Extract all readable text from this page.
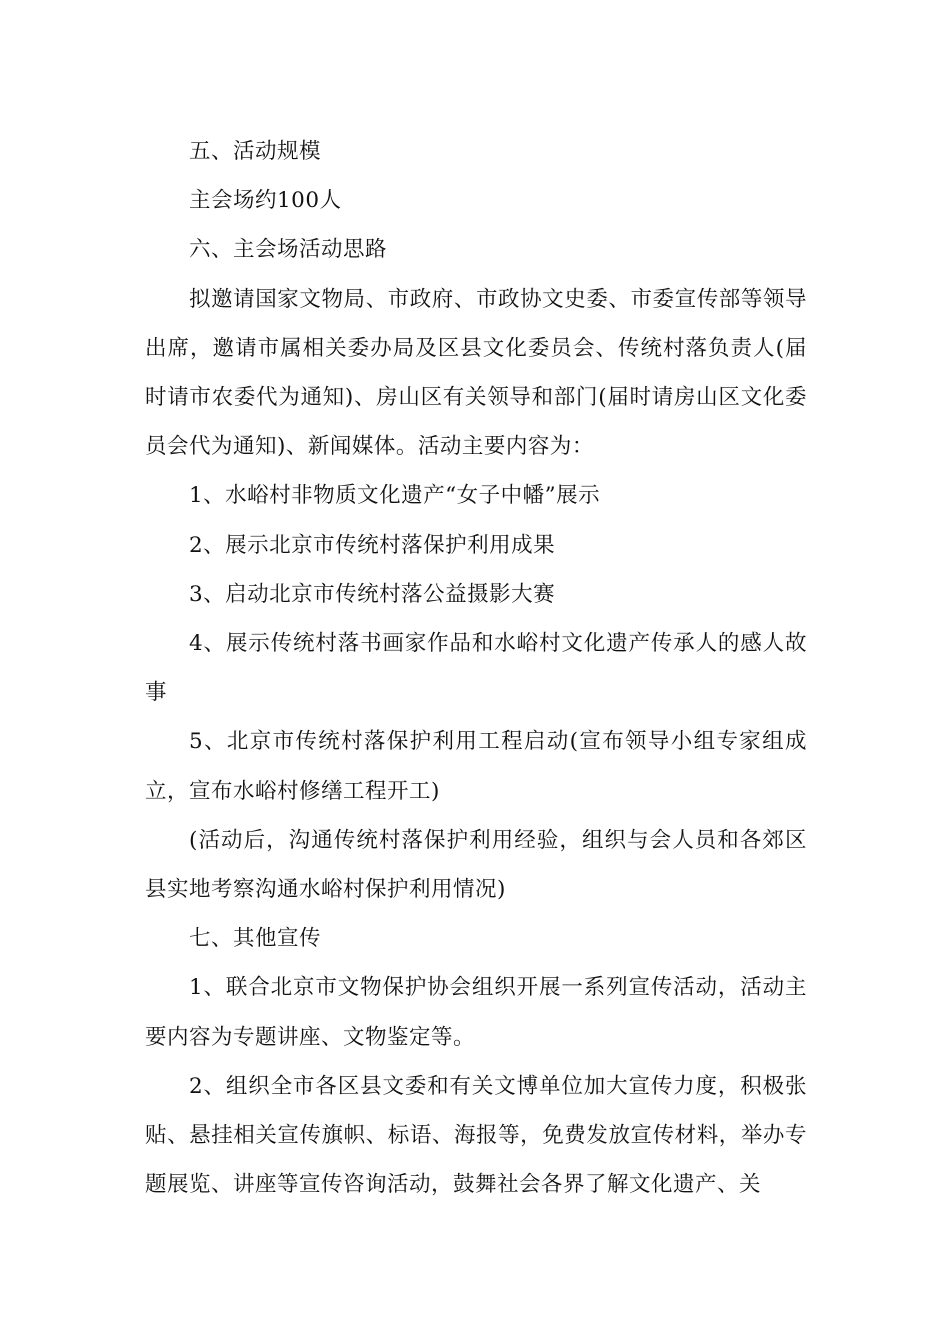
五、活动规模

主会场约100人

六、主会场活动思路

拟邀请国家文物局、市政府、市政协文史委、市委宣传部等领导出席，邀请市属相关委办局及区县文化委员会、传统村落负责人(届时请市农委代为通知)、房山区有关领导和部门(届时请房山区文化委员会代为通知)、新闻媒体。活动主要内容为：

1、水峪村非物质文化遗产“女子中幡”展示

2、展示北京市传统村落保护利用成果

3、启动北京市传统村落公益摄影大赛

4、展示传统村落书画家作品和水峪村文化遗产传承人的感人故事

5、北京市传统村落保护利用工程启动(宣布领导小组专家组成立，宣布水峪村修缮工程开工)

(活动后，沟通传统村落保护利用经验，组织与会人员和各郊区县实地考察沟通水峪村保护利用情况)

七、其他宣传

1、联合北京市文物保护协会组织开展一系列宣传活动，活动主要内容为专题讲座、文物鉴定等。

2、组织全市各区县文委和有关文博单位加大宣传力度，积极张贴、悬挂相关宣传旗帜、标语、海报等，免费发放宣传材料，举办专题展览、讲座等宣传咨询活动，鼓舞社会各界了解文化遗产、关
